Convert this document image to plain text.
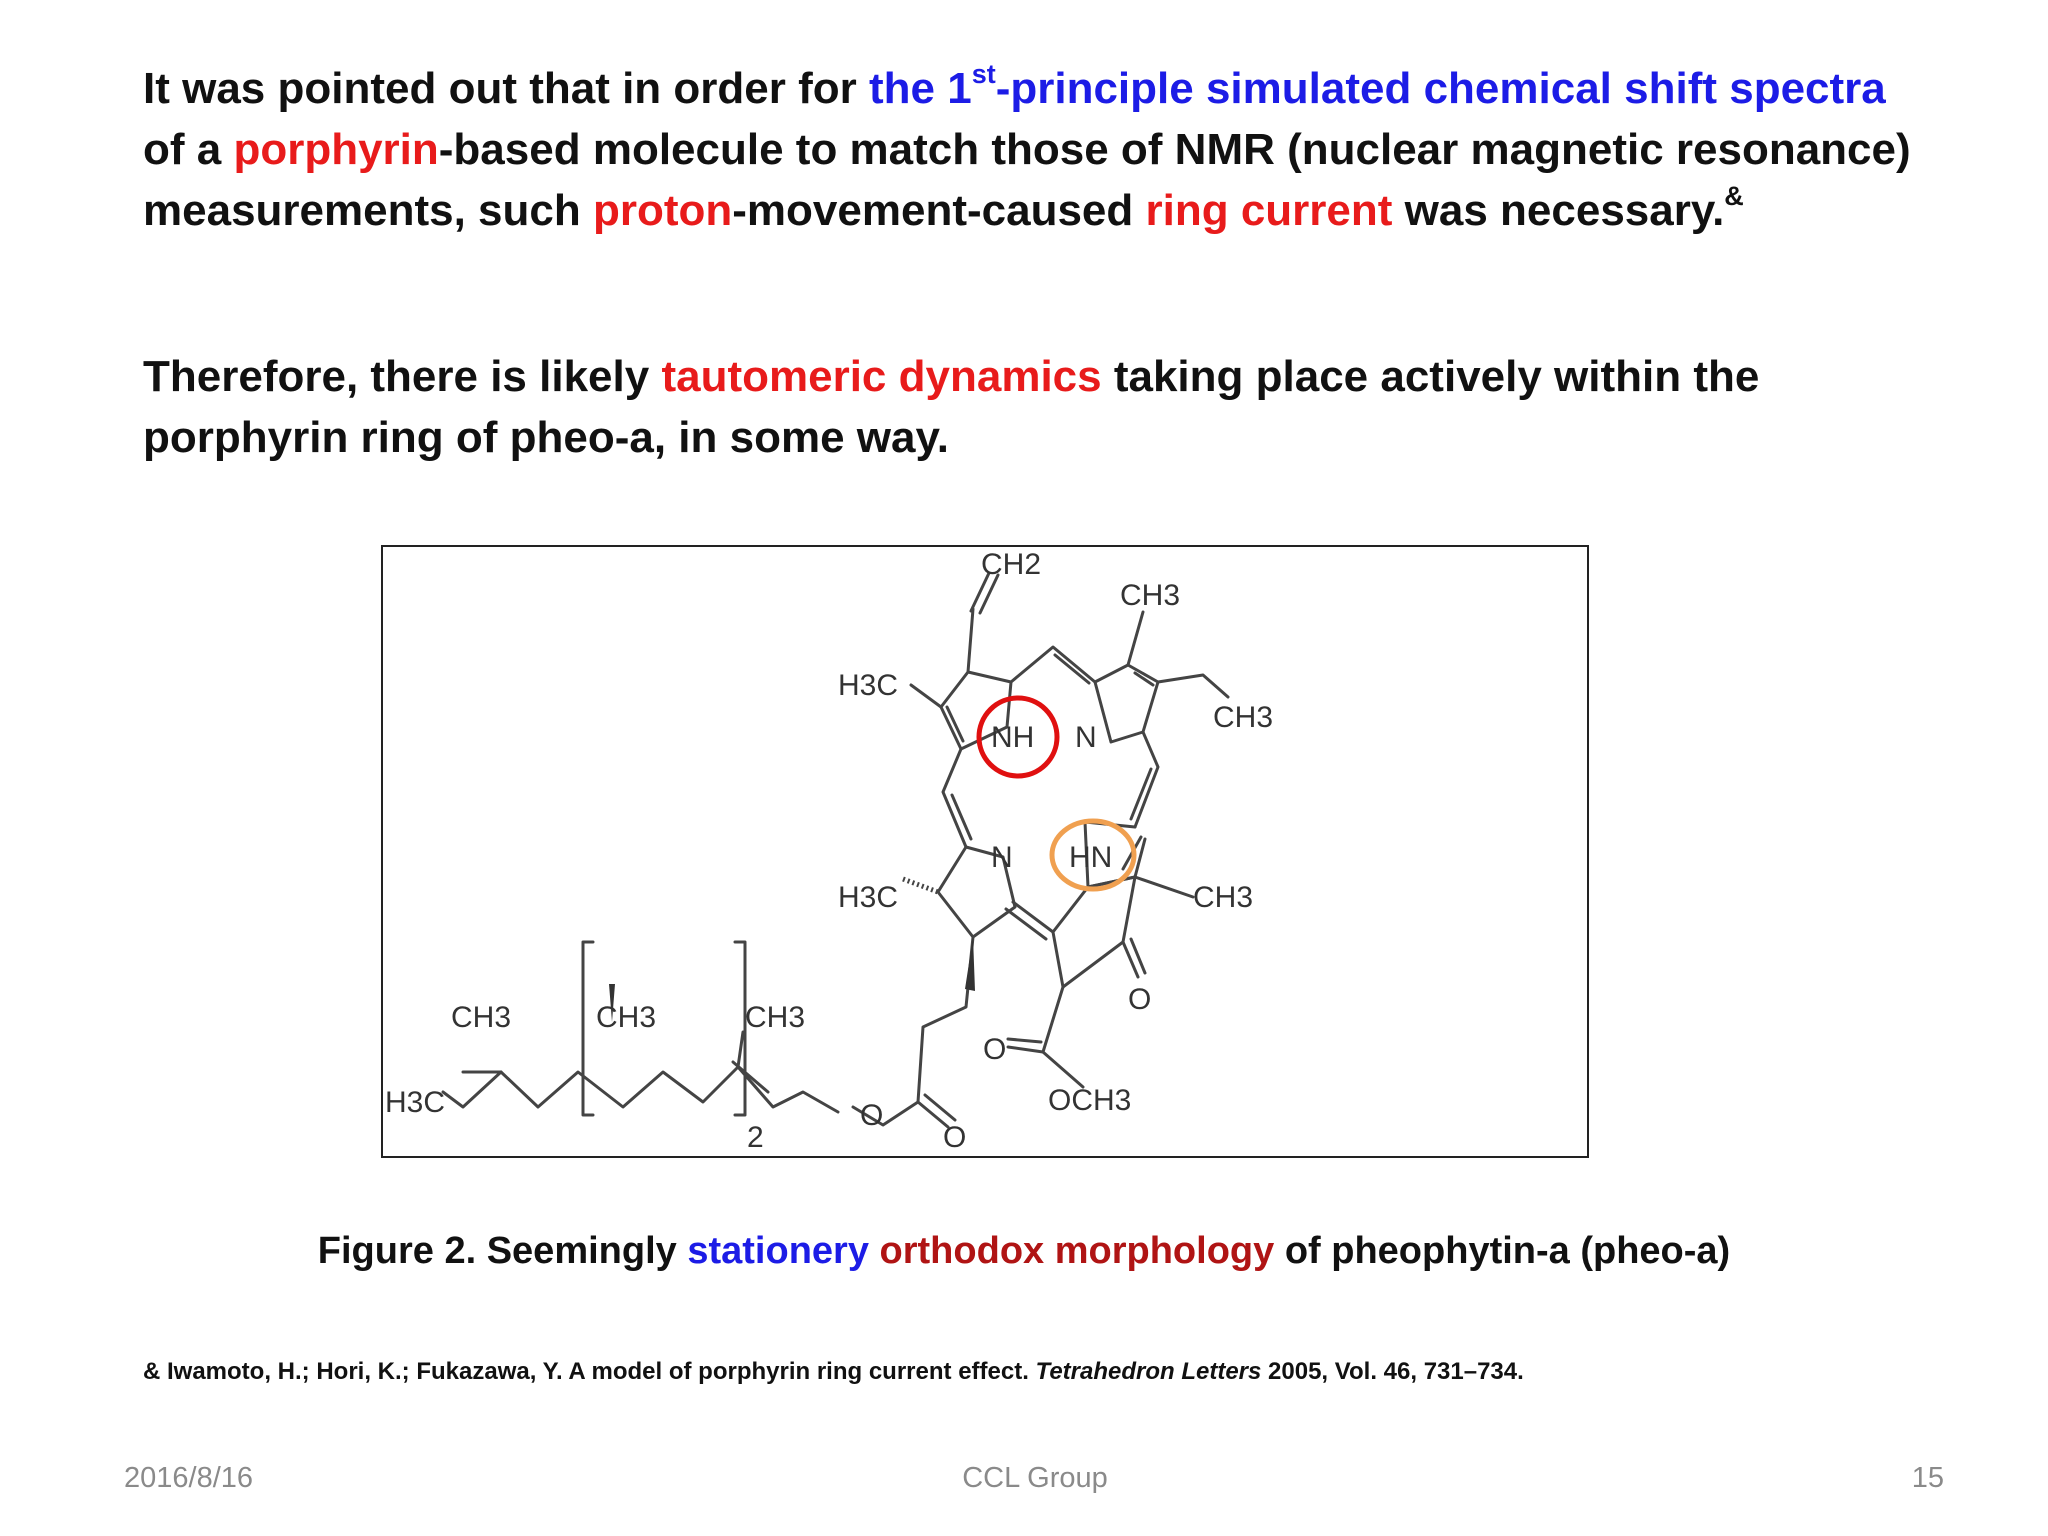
It was pointed out that in order for the 1st-principle simulated chemical shift spectra of a porphyrin-based molecule to match those of NMR (nuclear magnetic resonance) measurements, such proton-movement-caused ring current was necessary.&

Therefore, there is likely tautomeric dynamics taking place actively within the porphyrin ring of pheo-a, in some way.

CH2
CH3
H3C
CH3
NH N
N HN
H3C	CH3
O
O
OCH3
CH3	CH3	CH3
H3C	O
O
2

Figure 2. Seemingly stationery orthodox morphology of pheophytin-a (pheo-a)

& Iwamoto, H.; Hori, K.; Fukazawa, Y. A model of porphyrin ring current effect. Tetrahedron Letters 2005, Vol. 46, 731–734.

2016/8/16	CCL Group	15
